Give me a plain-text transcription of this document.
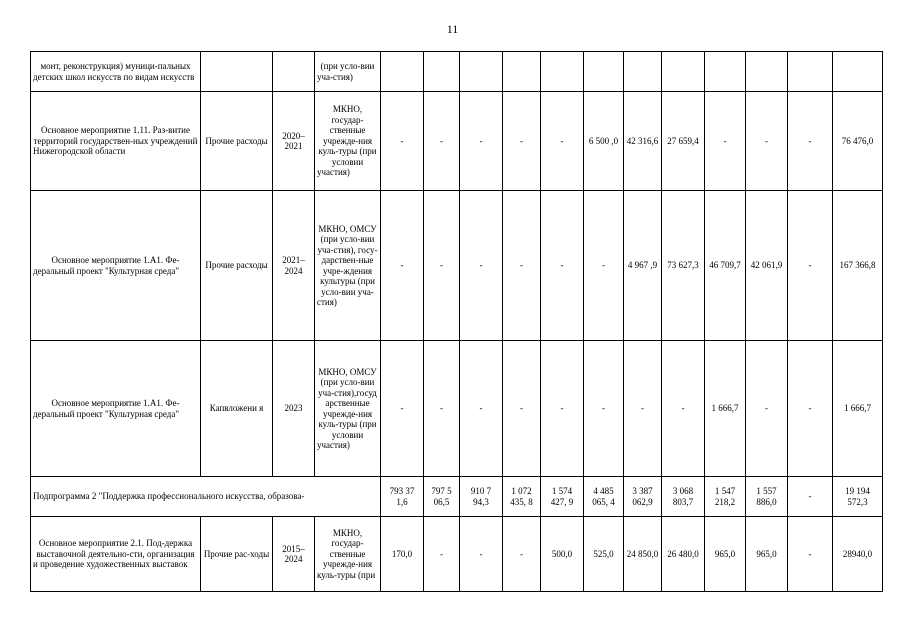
11
монт, реконструкция) муници-пальных детских школ искусств по видам искусств			(при усло-вии уча-стия)												
Основное мероприятие 1.11. Раз-витие территорий государствен-ных учреждений Нижегородской области	Прочие расходы	2020–2021	МКНО, государ-ственные учрежде-ния куль-туры (при условии участия)	-	-	-	-	-	6 500 ,0	42 316,6	27 659,4	-	-	-	76 476,0
Основное мероприятие 1.А1. Фе-деральный проект "Культурная среда"	Прочие расходы	2021–2024	МКНО, ОМСУ (при усло-вии уча-стия), госу-дарствен-ные учре-ждения культуры (при усло-вии уча-стия)	-	-	-	-	-	-	4 967 ,9	73 627,3	46 709,7	42 061,9	-	167 366,8
Основное мероприятие 1.А1. Фе-деральный проект "Культурная среда"	Капвложени я	2023	МКНО, ОМСУ (при усло-вии уча-стия),госуд арственные учрежде-ния куль-туры (при условии участия)	-	-	-	-	-	-	-	-	1 666,7	-	-	1 666,7
Подпрограмма 2 "Поддержка профессионального искусства, образова-				793 37 1,6	797 5 06,5	910 7 94,3	1 072 435, 8	1 574 427, 9	4 485 065, 4	3 387 062,9	3 068 803,7	1 547 218,2	1 557 886,0	-	19 194 572,3
Основное мероприятие 2.1. Под-держка выставочной деятельно-сти, организация и проведение художественных выставок	Прочие рас-ходы	2015–2024	МКНО, государ-ственные учрежде-ния куль-туры (при	170,0	-	-	-	500,0	525,0	24 850,0	26 480,0	965,0	965,0	-	28940,0
